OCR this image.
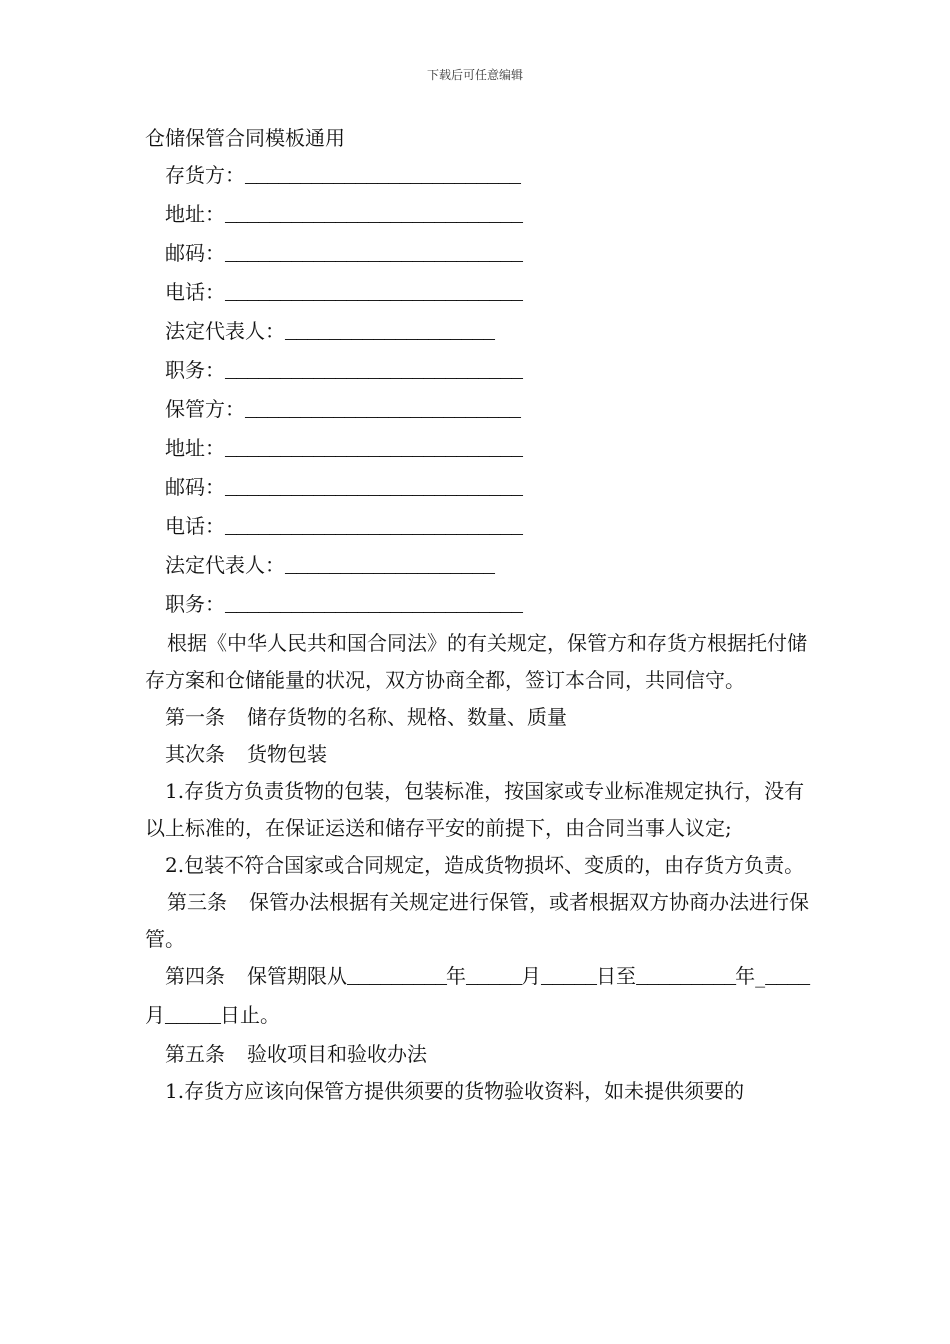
下载后可任意编辑

仓储保管合同模板通用

存货方：_________________________
地址：___________________________
邮码：___________________________
电话：___________________________
法定代表人：___________________
职务：___________________________
保管方：_________________________
地址：___________________________
邮码：___________________________
电话：___________________________
法定代表人：___________________
职务：___________________________

根据《中华人民共和国合同法》的有关规定，保管方和存货方根据托付储存方案和仓储能量的状况，双方协商全都，签订本合同，共同信守。

第一条 储存货物的名称、规格、数量、质量
其次条 货物包装

1.存货方负责货物的包装，包装标准，按国家或专业标准规定执行，没有以上标准的，在保证运送和储存平安的前提下，由合同当事人议定;

2.包装不符合国家或合同规定，造成货物损坏、变质的，由存货方负责。

第三条 保管办法根据有关规定进行保管，或者根据双方协商办法进行保管。

第四条 保管期限从_________年_____月_____日至_________年_____月_____日止。

第五条 验收项目和验收办法

1.存货方应该向保管方提供须要的货物验收资料，如未提供须要的
